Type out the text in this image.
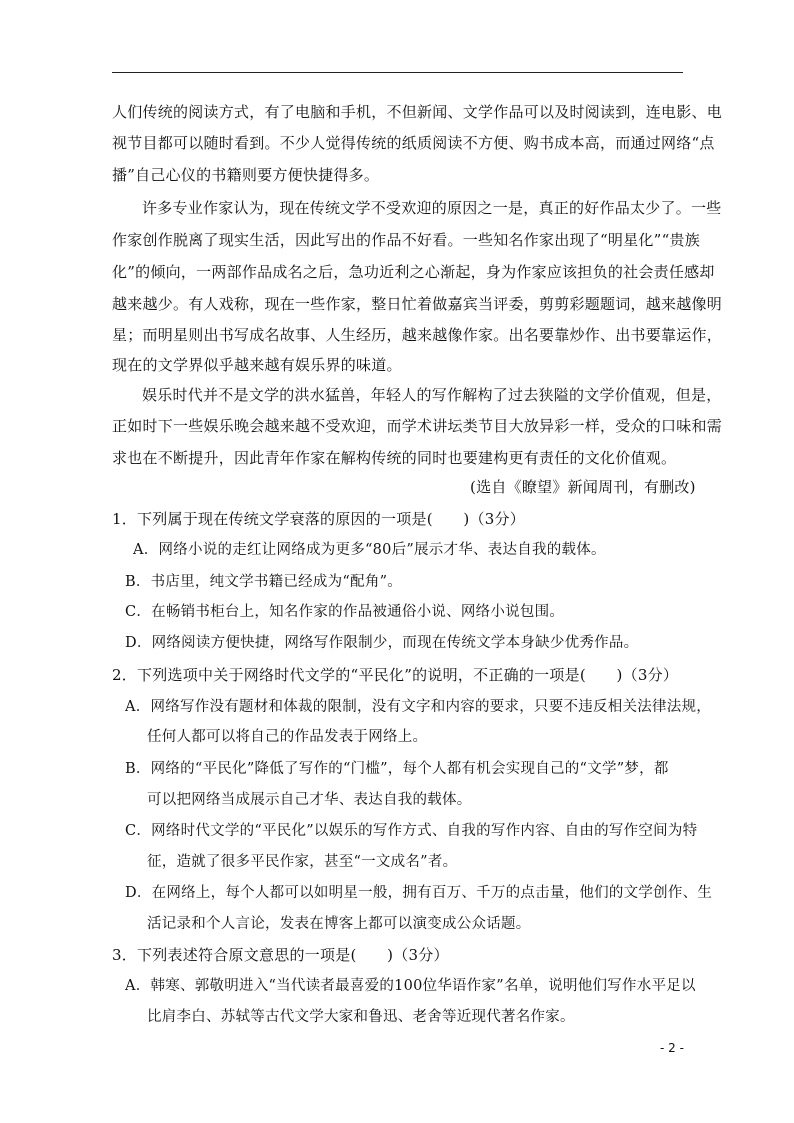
人们传统的阅读方式，有了电脑和手机，不但新闻、文学作品可以及时阅读到，连电影、电
视节目都可以随时看到。不少人觉得传统的纸质阅读不方便、购书成本高，而通过网络“点
播”自己心仪的书籍则要方便快捷得多。
许多专业作家认为，现在传统文学不受欢迎的原因之一是，真正的好作品太少了。一些
作家创作脱离了现实生活，因此写出的作品不好看。一些知名作家出现了“明星化”“贵族
化”的倾向，一两部作品成名之后，急功近利之心渐起，身为作家应该担负的社会责任感却
越来越少。有人戏称，现在一些作家，整日忙着做嘉宾当评委，剪剪彩题题词，越来越像明
星；而明星则出书写成名故事、人生经历，越来越像作家。出名要靠炒作、出书要靠运作，
现在的文学界似乎越来越有娱乐界的味道。
娱乐时代并不是文学的洪水猛兽，年轻人的写作解构了过去狭隘的文学价值观，但是，
正如时下一些娱乐晚会越来越不受欢迎，而学术讲坛类节目大放异彩一样，受众的口味和需
求也在不断提升，因此青年作家在解构传统的同时也要建构更有责任的文化价值观。
(选自《瞭望》新闻周刊，有删改)
1．下列属于现在传统文学衰落的原因的一项是(　　)（3分）
A．网络小说的走红让网络成为更多“80后”展示才华、表达自我的载体。
B．书店里，纯文学书籍已经成为“配角”。
C．在畅销书柜台上，知名作家的作品被通俗小说、网络小说包围。
D．网络阅读方便快捷，网络写作限制少，而现在传统文学本身缺少优秀作品。
2．下列选项中关于网络时代文学的“平民化”的说明，不正确的一项是(　　)（3分）
A．网络写作没有题材和体裁的限制，没有文字和内容的要求，只要不违反相关法律法规，
任何人都可以将自己的作品发表于网络上。
B．网络的“平民化”降低了写作的“门槛”，每个人都有机会实现自己的“文学”梦，都
可以把网络当成展示自己才华、表达自我的载体。
C．网络时代文学的“平民化”以娱乐的写作方式、自我的写作内容、自由的写作空间为特
征，造就了很多平民作家，甚至“一文成名”者。
D．在网络上，每个人都可以如明星一般，拥有百万、千万的点击量，他们的文学创作、生
活记录和个人言论，发表在博客上都可以演变成公众话题。
3．下列表述符合原文意思的一项是(　　)（3分）
A．韩寒、郭敬明进入“当代读者最喜爱的100位华语作家”名单，说明他们写作水平足以
比肩李白、苏轼等古代文学大家和鲁迅、老舍等近现代著名作家。
- 2 -
